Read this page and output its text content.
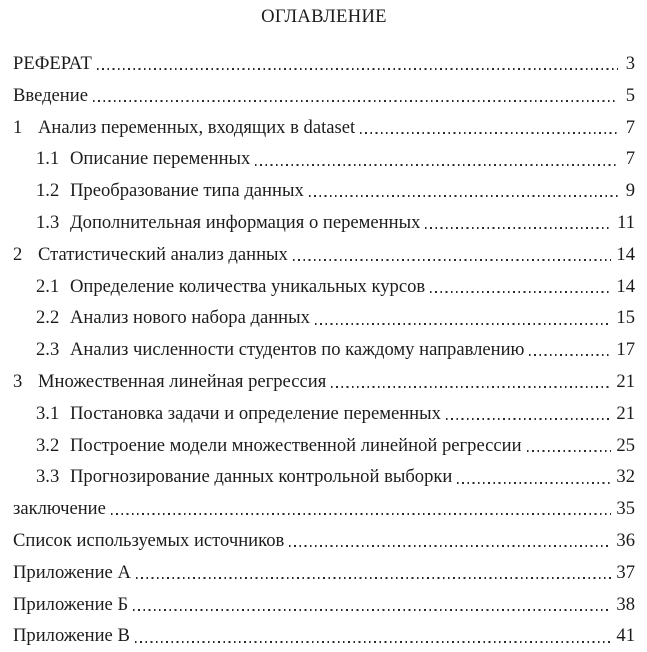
ОГЛАВЛЕНИЕ
РЕФЕРАТ	3
Введение	5
1 Анализ переменных, входящих в dataset	7
1.1 Описание переменных	7
1.2 Преобразование типа данных	9
1.3 Дополнительная информация о переменных	11
2 Статистический анализ данных	14
2.1 Определение количества уникальных курсов	14
2.2 Анализ нового набора данных	15
2.3 Анализ численности студентов по каждому направлению	17
3 Множественная линейная регрессия	21
3.1 Постановка задачи и определение переменных	21
3.2 Построение модели множественной линейной регрессии	25
3.3 Прогнозирование данных контрольной выборки	32
заключение	35
Список используемых источников	36
Приложение А	37
Приложение Б	38
Приложение В	41
